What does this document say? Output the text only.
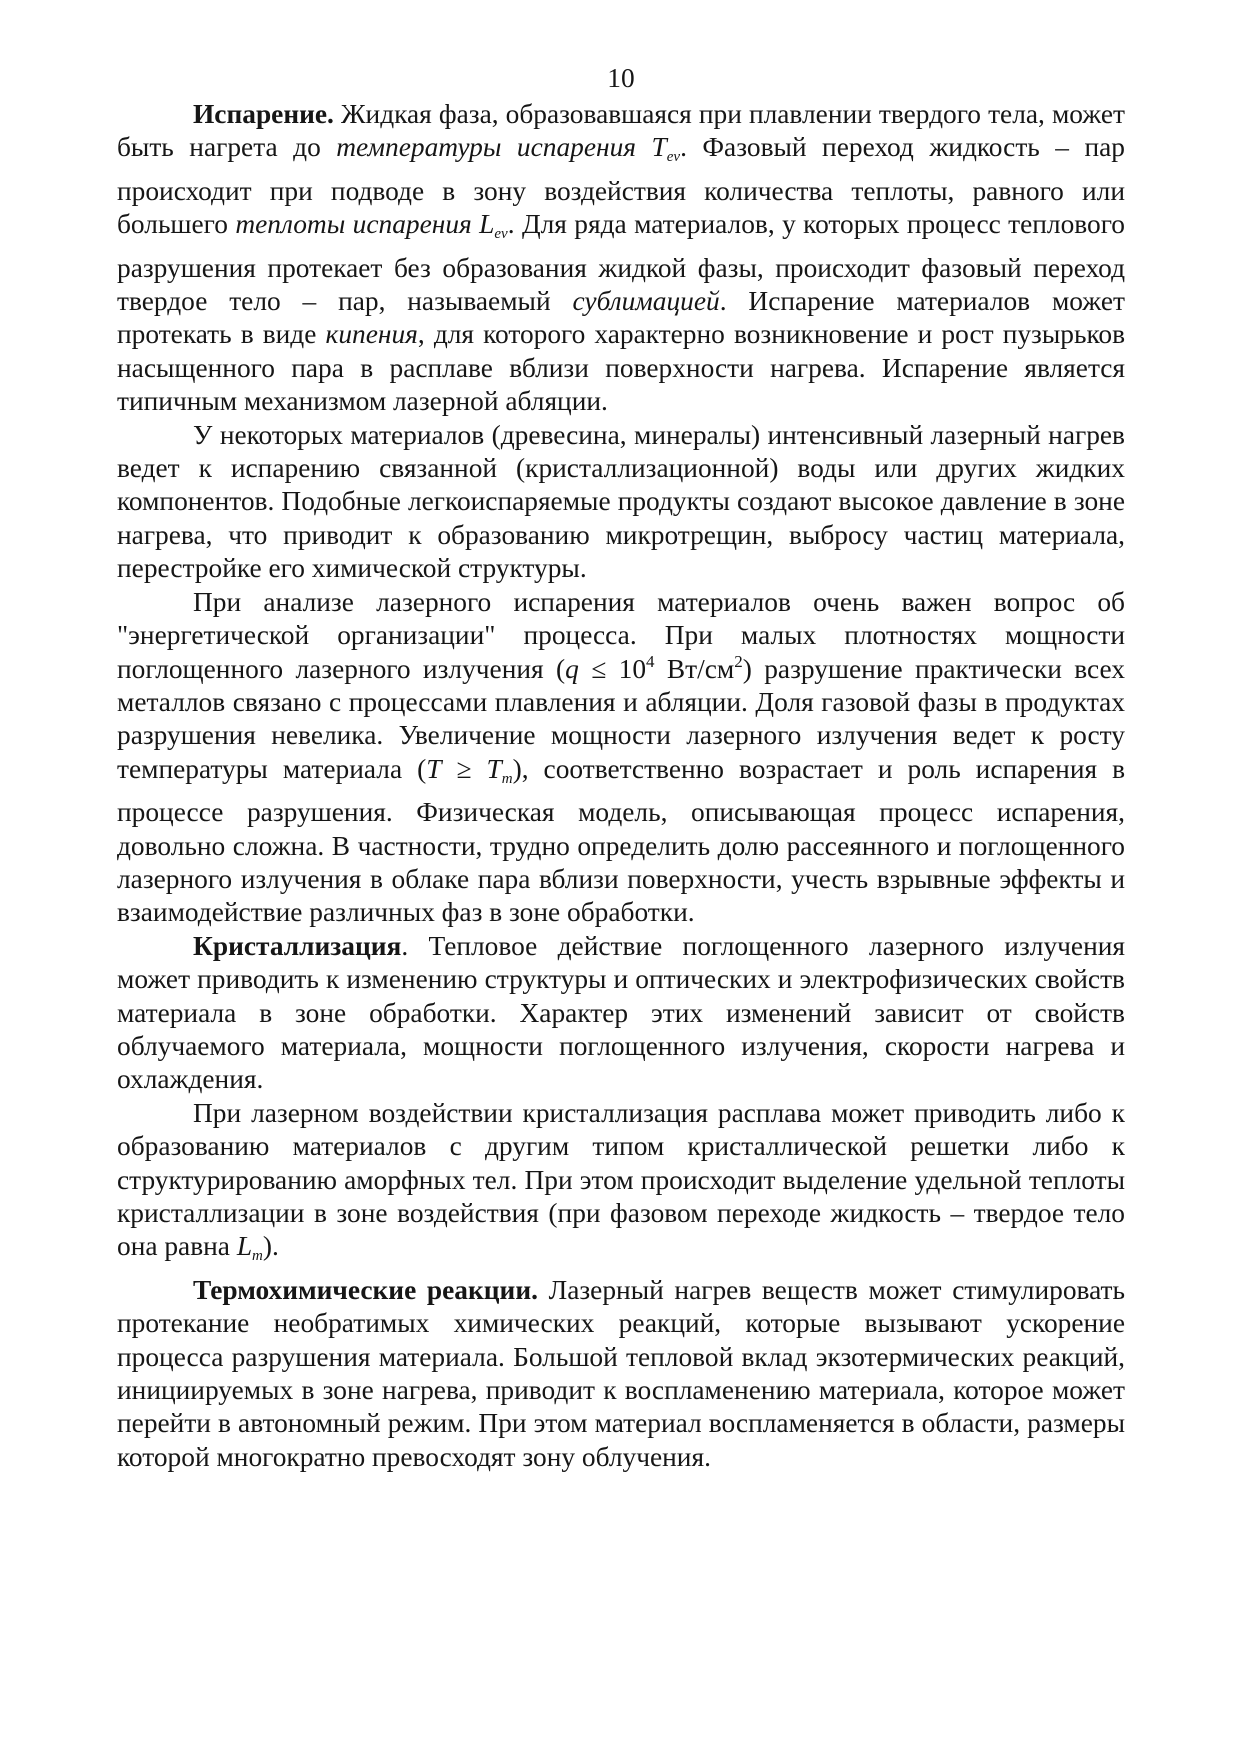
10

Испарение. Жидкая фаза, образовавшаяся при плавлении твердого тела, может быть нагрета до температуры испарения $T_{ev}$. Фазовый переход жидкость – пар происходит при подводе в зону воздействия количества теплоты, равного или большего теплоты испарения $L_{ev}$. Для ряда материалов, у которых процесс теплового разрушения протекает без образования жидкой фазы, происходит фазовый переход твердое тело – пар, называемый сублимацией. Испарение материалов может протекать в виде кипения, для которого характерно возникновение и рост пузырьков насыщенного пара в расплаве вблизи поверхности нагрева. Испарение является типичным механизмом лазерной абляции.

У некоторых материалов (древесина, минералы) интенсивный лазерный нагрев ведет к испарению связанной (кристаллизационной) воды или других жидких компонентов. Подобные легкоиспаряемые продукты создают высокое давление в зоне нагрева, что приводит к образованию микротрещин, выбросу частиц материала, перестройке его химической структуры.

При анализе лазерного испарения материалов очень важен вопрос об "энергетической организации" процесса. При малых плотностях мощности поглощенного лазерного излучения ($q \le 10^4$ $Вт/см^2$) разрушение практически всех металлов связано с процессами плавления и абляции. Доля газовой фазы в продуктах разрушения невелика. Увеличение мощности лазерного излучения ведет к росту температуры материала $(T \ge T_m)$, соответственно возрастает и роль испарения в процессе разрушения. Физическая модель, описывающая процесс испарения, довольно сложна. В частности, трудно определить долю рассеянного и поглощенного лазерного излучения в облаке пара вблизи поверхности, учесть взрывные эффекты и взаимодействие различных фаз в зоне обработки.

Кристаллизация. Тепловое действие поглощенного лазерного излучения может приводить к изменению структуры и оптических и электрофизических свойств материала в зоне обработки. Характер этих изменений зависит от свойств облучаемого материала, мощности поглощенного излучения, скорости нагрева и охлаждения.

При лазерном воздействии кристаллизация расплава может приводить либо к образованию материалов с другим типом кристаллической решетки либо к структурированию аморфных тел. При этом происходит выделение удельной теплоты кристаллизации в зоне воздействия (при фазовом переходе жидкость – твердое тело она равна $L_m$).

Термохимические реакции. Лазерный нагрев веществ может стимулировать протекание необратимых химических реакций, которые вызывают ускорение процесса разрушения материала. Большой тепловой вклад экзотермических реакций, инициируемых в зоне нагрева, приводит к воспламенению материала, которое может перейти в автономный режим. При этом материал воспламеняется в области, размеры которой многократно превосходят зону облучения.
